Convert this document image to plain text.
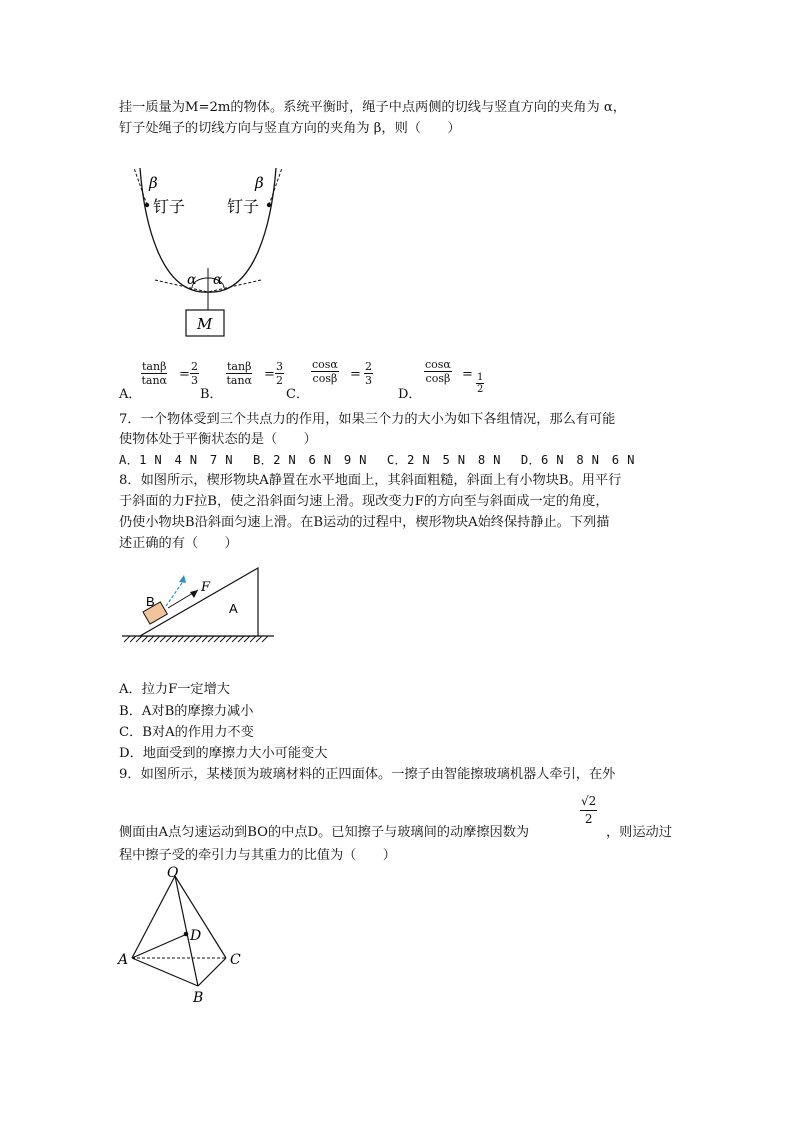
挂一质量为M=2m的物体。系统平衡时，绳子中点两侧的切线与竖直方向的夹角为 α，
钉子处绳子的切线方向与竖直方向的夹角为 β，则（　　）
β	β
钉子	钉子
α α
M
A．
$\frac{\tan\beta}{\tan\alpha} = \frac{2}{3}$
B．
$\frac{\tan\beta}{\tan\alpha} = \frac{3}{2}$
C．
$\frac{\cos\alpha}{\cos\beta} = \frac{2}{3}$
D．
$\frac{\cos\alpha}{\cos\beta} = \frac{1}{2}$
7．一个物体受到三个共点力的作用，如果三个力的大小为如下各组情况，那么有可能
使物体处于平衡状态的是（　　）
A．1 N　4 N　7 N　 B．2 N　6 N　9 N　 C．2 N　5 N　8 N　 D．6 N　8 N　6 N
8．如图所示，楔形物块A静置在水平地面上，其斜面粗糙，斜面上有小物块B。用平行
于斜面的力F拉B，使之沿斜面匀速上滑。现改变力F的方向至与斜面成一定的角度，
仍使小物块B沿斜面匀速上滑。在B运动的过程中，楔形物块A始终保持静止。下列描
述正确的有（　　）
B
F
A
A．拉力F一定增大
B．A对B的摩擦力减小
C．B对A的作用力不变
D．地面受到的摩擦力大小可能变大
9．如图所示，某楼顶为玻璃材料的正四面体。一擦子由智能擦玻璃机器人牵引，在外
$\frac{√2}{2}$
侧面由A点匀速运动到BO的中点D。已知擦子与玻璃间的动摩擦因数为	，则运动过
程中擦子受的牵引力与其重力的比值为（　　）
O
D
A	C
B
